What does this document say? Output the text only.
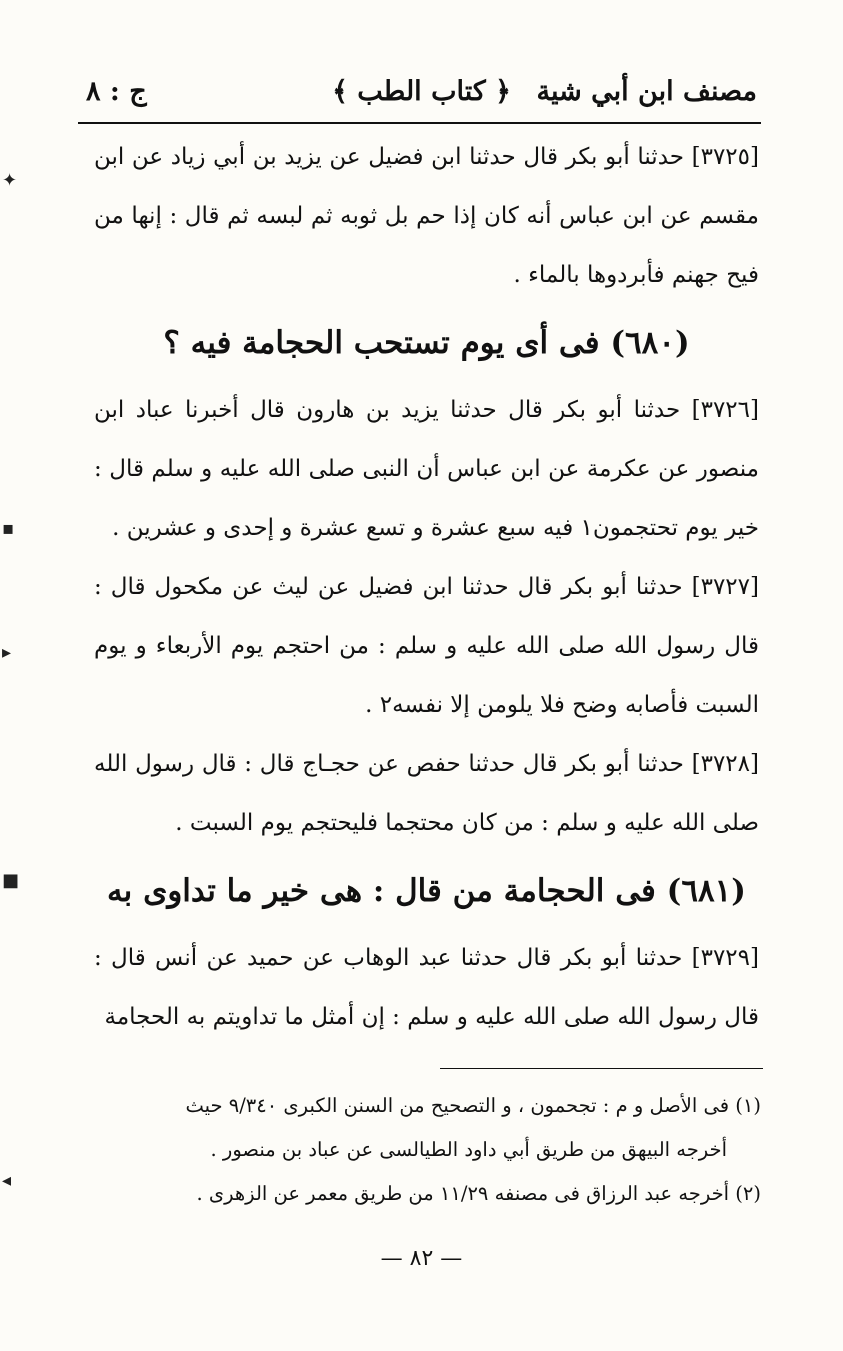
مصنف ابن أبي شية
﴿ كتاب الطب ﴾
ج : ٨

[٣٧٢٥] حدثنا أبو بكر قال حدثنا ابن فضيل عن يزيد بن أبي زياد عن ابن مقسم عن ابن عباس أنه كان إذا حم بل ثوبه ثم لبسه ثم قال : إنها من فيح جهنم فأبردوها بالماء .

(٦٨٠) فى أى يوم تستحب الحجامة فيه ؟

[٣٧٢٦] حدثنا أبو بكر قال حدثنا يزيد بن هارون قال أخبرنا عباد ابن منصور عن عكرمة عن ابن عباس أن النبى صلى الله عليه و سلم قال : خير يوم تحتجمون١ فيه سبع عشرة و تسع عشرة و إحدى و عشرين .

[٣٧٢٧] حدثنا أبو بكر قال حدثنا ابن فضيل عن ليث عن مكحول قال : قال رسول الله صلى الله عليه و سلم : من احتجم يوم الأربعاء و يوم السبت فأصابه وضح فلا يلومن إلا نفسه٢ .

[٣٧٢٨] حدثنا أبو بكر قال حدثنا حفص عن حجـاج قال : قال رسول الله صلى الله عليه و سلم : من كان محتجما فليحتجم يوم السبت .

(٦٨١) فى الحجامة من قال : هى خير ما تداوى به

[٣٧٢٩] حدثنا أبو بكر قال حدثنا عبد الوهاب عن حميد عن أنس قال : قال رسول الله صلى الله عليه و سلم : إن أمثل ما تداويتم به الحجامة

(١) فى الأصل و م : تجحمون ، و التصحيح من السنن الكبرى ٩/٣٤٠ حيث

أخرجه البيهق من طريق أبي داود الطيالسى عن عباد بن منصور .

(٢) أخرجه عبد الرزاق فى مصنفه ١١/٢٩ من طريق معمر عن الزهرى .

— ٨٢ —
✦
▪
▸
■
◂
